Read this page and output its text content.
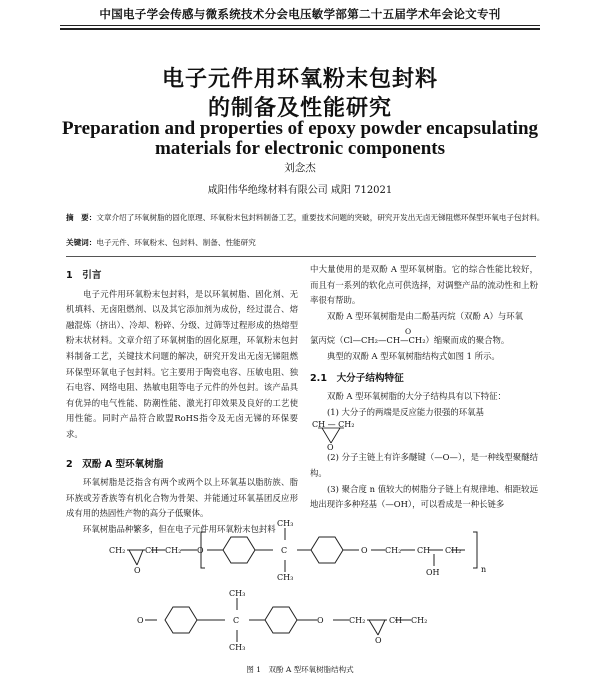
中国电子学会传感与微系统技术分会电压敏学部第二十五届学术年会论文专刊
电子元件用环氧粉末包封料
的制备及性能研究
Preparation and properties of epoxy powder encapsulating
materials for electronic components
刘念杰
咸阳伟华绝缘材料有限公司 咸阳 712021
摘　要：文章介绍了环氧树脂的固化原理、环氧粉末包封料制备工艺，重要技术问题的突破，研究开发出无卤无锑阻燃环保型环氧电子包封料。
关键词：电子元件、环氧粉末、包封料、制备、性能研究
1　引言

电子元件用环氧粉末包封料，是以环氧树脂、固化剂、无机填料、无卤阻燃剂、以及其它添加剂为成份，经过混合、熔融混炼（挤出）、冷却、粉碎、分级、过筛等过程形成的热熔型粉末状材料。文章介绍了环氧树脂的固化原理，环氧粉末包封料制备工艺，关键技术问题的解决，研究开发出无卤无锑阻燃环保型环氧电子包封料。它主要用于陶瓷电容、压敏电阻、独石电容、网络电阻、热敏电阻等电子元件的外包封。该产品具有优异的电气性能、防潮性能、激光打印效果及良好的工艺使用性能。同时产品符合欧盟RoHS指令及无卤无锑的环保要求。

2　双酚 A 型环氧树脂

环氧树脂是泛指含有两个或两个以上环氧基以脂肪族、脂环族或芳香族等有机化合物为骨架、并能通过环氧基团反应形成有用的热固性产物的高分子低聚体。

环氧树脂品种繁多，但在电子元件用环氧粉末包封料

中大量使用的是双酚 A 型环氧树脂。它的综合性能比较好，而且有一系列的软化点可供选择，对调整产品的流动性和上粉率很有帮助。

双酚 A 型环氧树脂是由二酚基丙烷（双酚 A）与环氧

O

氯丙烷（Cl—CH₂—CH—CH₂）缩聚而成的聚合物。

典型的双酚 A 型环氧树脂结构式如图 1 所示。

2.1　大分子结构特征

双酚 A 型环氧树脂的大分子结构具有以下特征：

(1) 大分子的两端是反应能力很强的环氧基

CH — CH₂
O

(2) 分子主链上有许多醚键（—O—），是一种线型聚醚结构。

(3) 聚合度 n 值较大的树脂分子链上有规律地、相距较远地出现许多种羟基（—OH），可以看成是一种长链多

CH₂
O
CH CH₂ O
CH₃
C
CH₃
O CH₂ CH
OH
CH₂
n
O
CH₃
C
CH₃
O	CH₂
O
CH CH₂
图 1　双酚 A 型环氧树脂结构式
